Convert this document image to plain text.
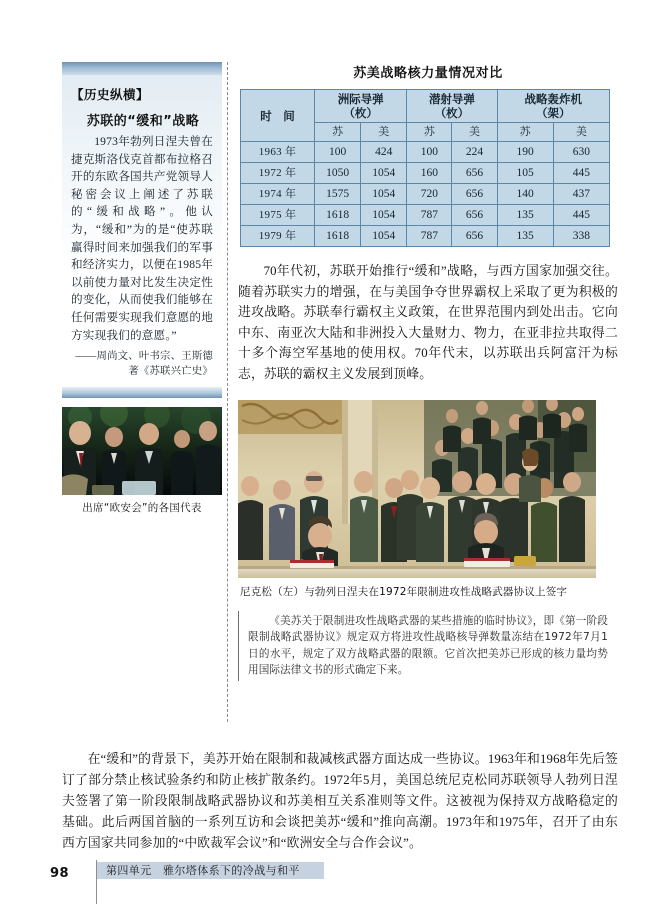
【历史纵横】
苏联的“缓和”战略

1973年勃列日涅夫曾在捷克斯洛伐克首都布拉格召开的东欧各国共产党领导人秘密会议上阐述了苏联的“缓和战略”。他认为，“缓和”为的是“使苏联赢得时间来加强我们的军事和经济实力，以便在1985年以前使力量对比发生决定性的变化，从而使我们能够在任何需要实现我们意愿的地方实现我们的意愿。”

——周尚文、叶书宗、王斯德著《苏联兴亡史》

出席“欧安会”的各国代表

苏美战略核力量情况对比
时　间	洲际导弹
（枚）		潜射导弹
（枚）		战略轰炸机
（架）	
	苏	美	苏	美	苏	美
1963 年	100	424	100	224	190	630
1972 年	1050	1054	160	656	105	445
1974 年	1575	1054	720	656	140	437
1975 年	1618	1054	787	656	135	445
1979 年	1618	1054	787	656	135	338

70年代初，苏联开始推行“缓和”战略，与西方国家加强交往。随着苏联实力的增强，在与美国争夺世界霸权上采取了更为积极的进攻战略。苏联奉行霸权主义政策，在世界范围内到处出击。它向中东、南亚次大陆和非洲投入大量财力、物力，在亚非拉共取得二十多个海空军基地的使用权。70年代末，以苏联出兵阿富汗为标志，苏联的霸权主义发展到顶峰。

尼克松（左）与勃列日涅夫在1972年限制进攻性战略武器协议上签字

《美苏关于限制进攻性战略武器的某些措施的临时协议》，即《第一阶段限制战略武器协议》规定双方将进攻性战略核导弹数量冻结在1972年7月1日的水平，规定了双方战略武器的限额。它首次把美苏已形成的核力量均势用国际法律文书的形式确定下来。

在“缓和”的背景下，美苏开始在限制和裁减核武器方面达成一些协议。1963年和1968年先后签订了部分禁止核试验条约和防止核扩散条约。1972年5月，美国总统尼克松同苏联领导人勃列日涅夫签署了第一阶段限制战略武器协议和苏美相互关系准则等文件。这被视为保持双方战略稳定的基础。此后两国首脑的一系列互访和会谈把美苏“缓和”推向高潮。1973年和1975年，召开了由东西方国家共同参加的“中欧裁军会议”和“欧洲安全与合作会议”。

98	第四单元　雅尔塔体系下的冷战与和平
